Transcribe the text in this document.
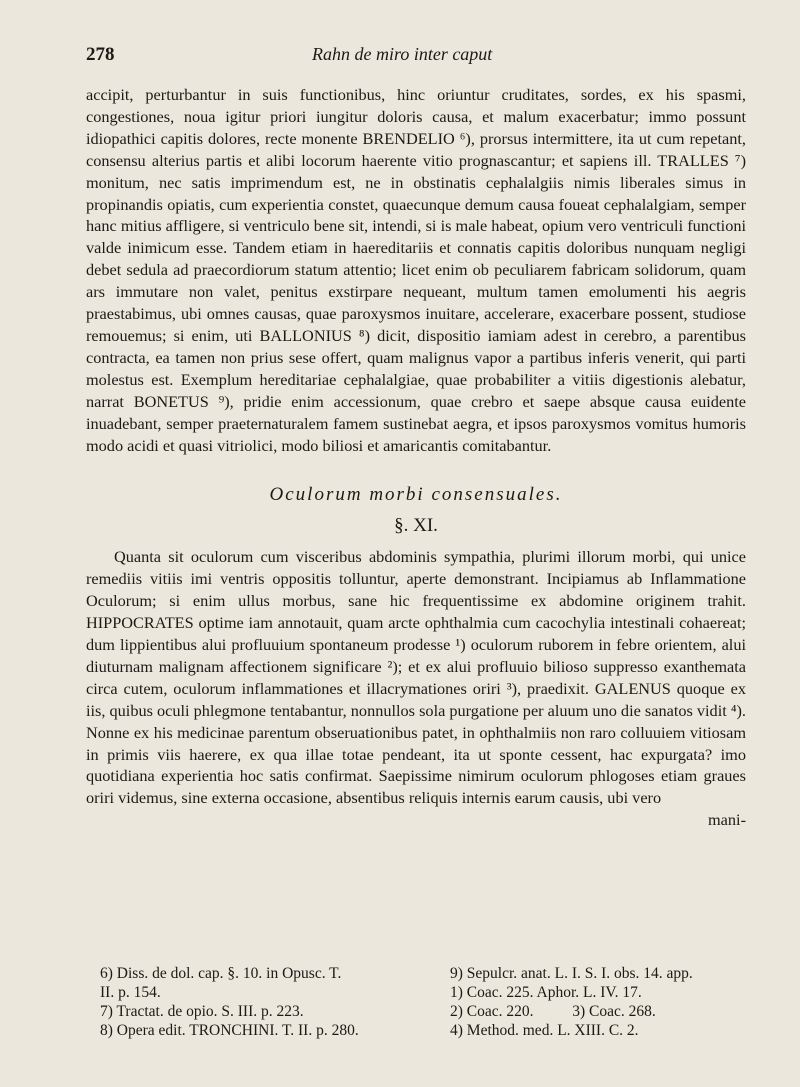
278	Rahn de miro inter caput

accipit, perturbantur in suis functionibus, hinc oriuntur cruditates, sordes, ex his spasmi, congestiones, noua igitur priori iungitur doloris causa, et malum exacerbatur; immo possunt idiopathici capitis dolores, recte monente BRENDELIO ⁶), prorsus intermittere, ita ut cum repetant, consensu alterius partis et alibi locorum haerente vitio prognascantur; et sapiens ill. TRALLES ⁷) monitum, nec satis imprimendum est, ne in obstinatis cephalalgiis nimis liberales simus in propinandis opiatis, cum experientia constet, quaecunque demum causa foueat cephalalgiam, semper hanc mitius affligere, si ventriculo bene sit, intendi, si is male habeat, opium vero ventriculi functioni valde inimicum esse. Tandem etiam in haereditariis et connatis capitis doloribus nunquam negligi debet sedula ad praecordiorum statum attentio; licet enim ob peculiarem fabricam solidorum, quam ars immutare non valet, penitus exstirpare nequeant, multum tamen emolumenti his aegris praestabimus, ubi omnes causas, quae paroxysmos inuitare, accelerare, exacerbare possent, studiose remouemus; si enim, uti BALLONIUS ⁸) dicit, dispositio iamiam adest in cerebro, a parentibus contracta, ea tamen non prius sese offert, quam malignus vapor a partibus inferis venerit, qui parti molestus est. Exemplum hereditariae cephalalgiae, quae probabiliter a vitiis digestionis alebatur, narrat BONETUS ⁹), pridie enim accessionum, quae crebro et saepe absque causa euidente inuadebant, semper praeternaturalem famem sustinebat aegra, et ipsos paroxysmos vomitus humoris modo acidi et quasi vitriolici, modo biliosi et amaricantis comitabantur.

Oculorum morbi consensuales.
§. XI.

Quanta sit oculorum cum visceribus abdominis sympathia, plurimi illorum morbi, qui unice remediis vitiis imi ventris oppositis tolluntur, aperte demonstrant. Incipiamus ab Inflammatione Oculorum; si enim ullus morbus, sane hic frequentissime ex abdomine originem trahit. HIPPOCRATES optime iam annotauit, quam arcte ophthalmia cum cacochylia intestinali cohaereat; dum lippientibus alui profluuium spontaneum prodesse ¹) oculorum ruborem in febre orientem, alui diuturnam malignam affectionem significare ²); et ex alui profluuio bilioso suppresso exanthemata circa cutem, oculorum inflammationes et illacrymationes oriri ³), praedixit. GALENUS quoque ex iis, quibus oculi phlegmone tentabantur, nonnullos sola purgatione per aluum uno die sanatos vidit ⁴). Nonne ex his medicinae parentum obseruationibus patet, in ophthalmiis non raro colluuiem vitiosam in primis viis haerere, ex qua illae totae pendeant, ita ut sponte cessent, hac expurgata? imo quotidiana experientia hoc satis confirmat. Saepissime nimirum oculorum phlogoses etiam graues oriri videmus, sine externa occasione, absentibus reliquis internis earum causis, ubi vero

mani-

6) Diss. de dol. cap. §. 10. in Opusc. T.
II. p. 154.
7) Tractat. de opio. S. III. p. 223.
8) Opera edit. TRONCHINI. T. II. p. 280.
9) Sepulcr. anat. L. I. S. I. obs. 14. app.
1) Coac. 225. Aphor. L. IV. 17.
2) Coac. 220.          3) Coac. 268.
4) Method. med. L. XIII. C. 2.
